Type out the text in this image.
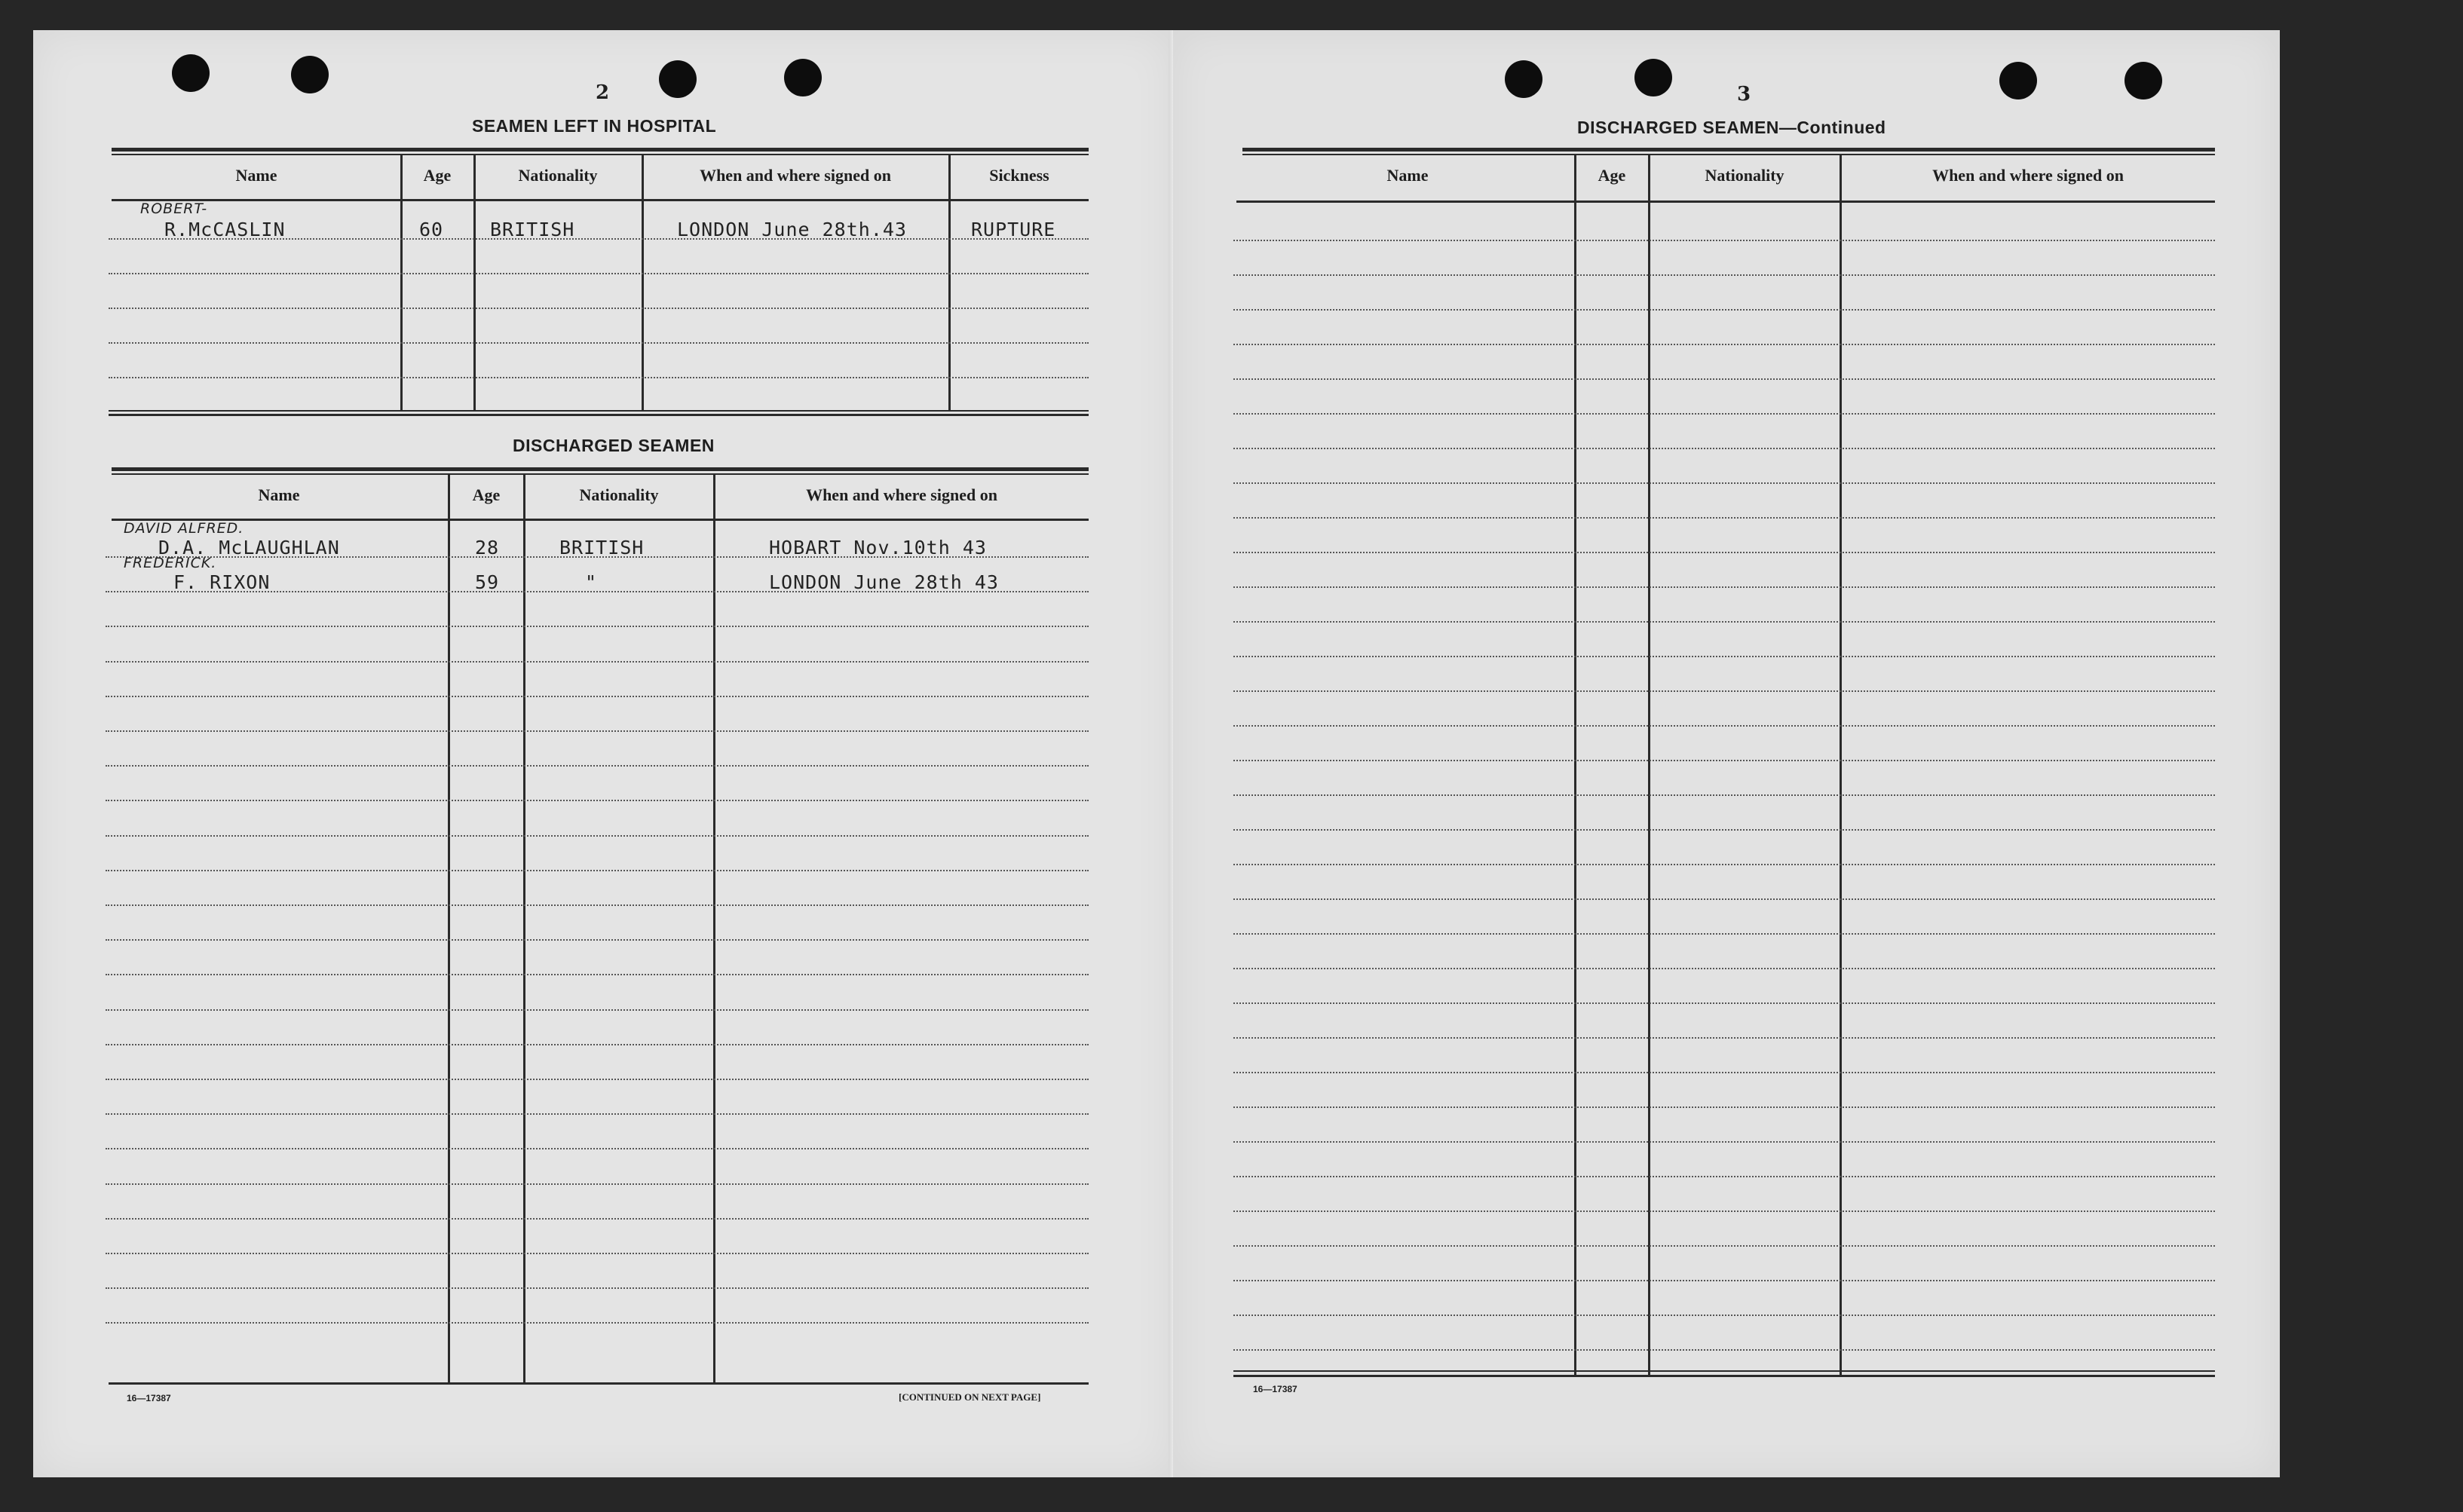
2
SEAMEN LEFT IN HOSPITAL
Name	Age	Nationality	When and where signed on	Sickness
ROBERT-
R.McCASLIN	60 BRITISH	LONDON June 28th.43	RUPTURE
DISCHARGED SEAMEN
Name	Age	Nationality	When and where signed on
DAVID ALFRED.
D.A. McLAUGHLAN	28	BRITISH	HOBART Nov.10th 43
FREDERICK.
F. RIXON	59	"	LONDON June 28th 43
16—17387	[CONTINUED ON NEXT PAGE]
3
DISCHARGED SEAMEN—Continued
Name	Age	Nationality	When and where signed on
16—17387
